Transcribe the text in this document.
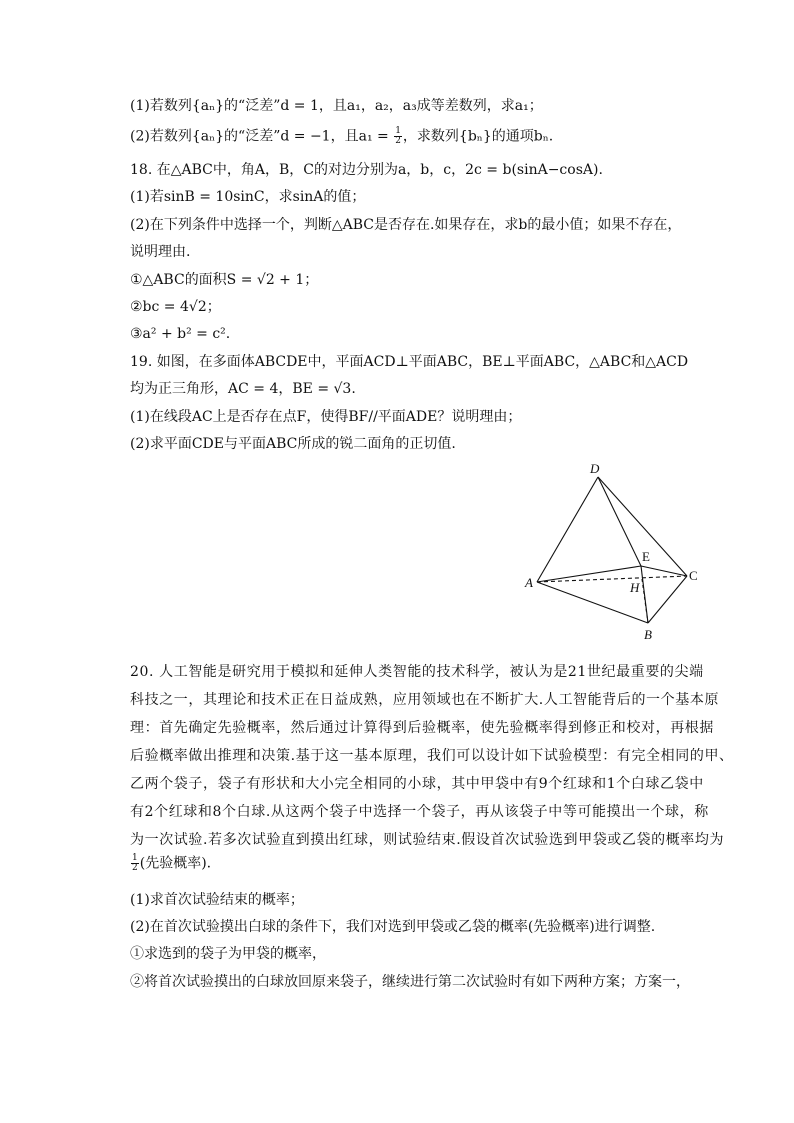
(1)若数列{aₙ}的“泛差”d = 1，且a₁，a₂，a₃成等差数列，求a₁；
(2)若数列{aₙ}的“泛差”d = −1，且$a_1 = \frac{1}{2}$ ，求数列{bₙ}的通项bₙ.
18. 在△ABC中，角A，B，C的对边分别为a，b，c，2c = b(sinA−cosA).
(1)若sinB = 10sinC，求sinA的值；
(2)在下列条件中选择一个，判断△ABC是否存在.如果存在，求b的最小值；如果不存在，
说明理由.
①△ABC的面积S = √2 + 1；
②bc = 4√2；
③a² + b² = c².
19. 如图，在多面体ABCDE中，平面ACD⊥平面ABC，BE⊥平面ABC，△ABC和△ACD
均为正三角形，AC = 4，BE = √3.
(1)在线段AC上是否存在点F，使得BF//平面ADE？说明理由；
(2)求平面CDE与平面ABC所成的锐二面角的正切值.
D
E
A	C
H
B
20. 人工智能是研究用于模拟和延伸人类智能的技术科学，被认为是21世纪最重要的尖端
科技之一，其理论和技术正在日益成熟，应用领域也在不断扩大.人工智能背后的一个基本原
理：首先确定先验概率，然后通过计算得到后验概率，使先验概率得到修正和校对，再根据
后验概率做出推理和决策.基于这一基本原理，我们可以设计如下试验模型：有完全相同的甲、
乙两个袋子，袋子有形状和大小完全相同的小球，其中甲袋中有9个红球和1个白球乙袋中
有2个红球和8个白球.从这两个袋子中选择一个袋子，再从该袋子中等可能摸出一个球，称
为一次试验.若多次试验直到摸出红球，则试验结束.假设首次试验选到甲袋或乙袋的概率均为
$\frac{1}{2}$ (先验概率).
(1)求首次试验结束的概率；
(2)在首次试验摸出白球的条件下，我们对选到甲袋或乙袋的概率(先验概率)进行调整.
①求选到的袋子为甲袋的概率，
②将首次试验摸出的白球放回原来袋子，继续进行第二次试验时有如下两种方案；方案一，
